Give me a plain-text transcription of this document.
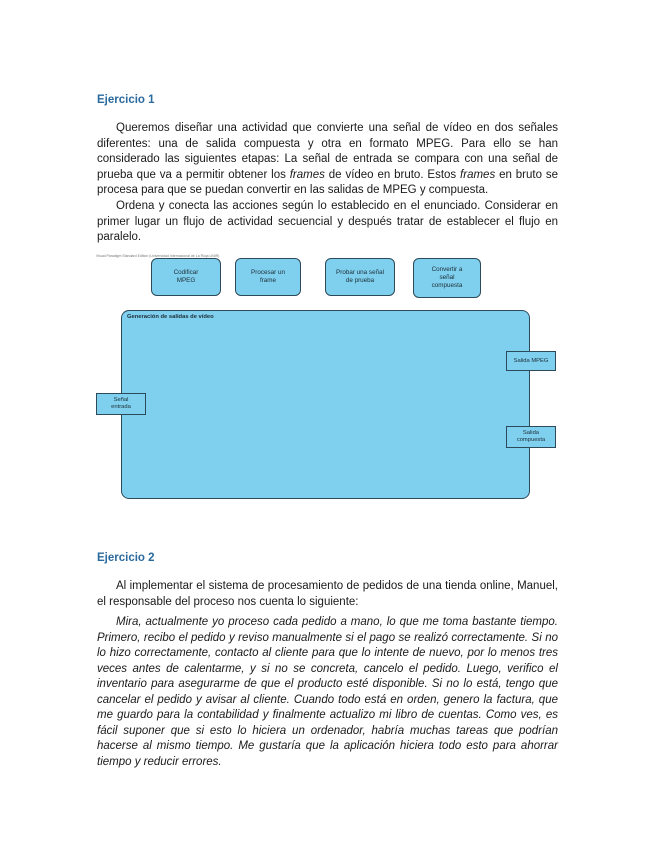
Ejercicio 1

Queremos diseñar una actividad que convierte una señal de vídeo en dos señales diferentes: una de salida compuesta y otra en formato MPEG. Para ello se han considerado las siguientes etapas: La señal de entrada se compara con una señal de prueba que va a permitir obtener los frames de vídeo en bruto. Estos frames en bruto se procesa para que se puedan convertir en las salidas de MPEG y compuesta.

Ordena y conecta las acciones según lo establecido en el enunciado. Considerar en primer lugar un flujo de actividad secuencial y después tratar de establecer el flujo en paralelo.

Visual Paradigm Standard Edition (Universidad Internacional de La Rioja UNIR)
Codificar
MPEG
Procesar un
frame
Probar una señal
de prueba
Convertir a
señal
compuesta
Generación de salidas de vídeo
Señal
entrada
Salida MPEG
Salida
compuesta
Ejercicio 2

Al implementar el sistema de procesamiento de pedidos de una tienda online, Manuel, el responsable del proceso nos cuenta lo siguiente:

Mira, actualmente yo proceso cada pedido a mano, lo que me toma bastante tiempo. Primero, recibo el pedido y reviso manualmente si el pago se realizó correctamente. Si no lo hizo correctamente, contacto al cliente para que lo intente de nuevo, por lo menos tres veces antes de calentarme, y si no se concreta, cancelo el pedido. Luego, verifico el inventario para asegurarme de que el producto esté disponible. Si no lo está, tengo que cancelar el pedido y avisar al cliente. Cuando todo está en orden, genero la factura, que me guardo para la contabilidad y finalmente actualizo mi libro de cuentas. Como ves, es fácil suponer que si esto lo hiciera un ordenador, habría muchas tareas que podrían hacerse al mismo tiempo. Me gustaría que la aplicación hiciera todo esto para ahorrar tiempo y reducir errores.
